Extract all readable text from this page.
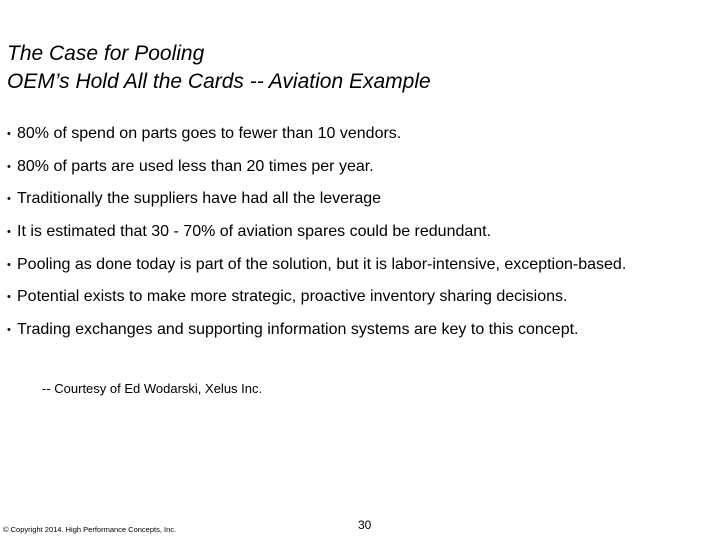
The Case for Pooling
OEM’s Hold All the Cards -- Aviation Example
• 80% of spend on parts goes to fewer than 10 vendors.
• 80% of parts are used less than 20 times per year.
• Traditionally the suppliers have had all the leverage
• It is estimated that 30 - 70% of aviation spares could be redundant.
• Pooling as done today is part of the solution, but it is labor-intensive, exception-based.
• Potential exists to make more strategic, proactive inventory sharing decisions.
• Trading exchanges and supporting information systems are key to this concept.
-- Courtesy of Ed Wodarski, Xelus Inc.
© Copyright 2014. High Performance Concepts, Inc.	30
